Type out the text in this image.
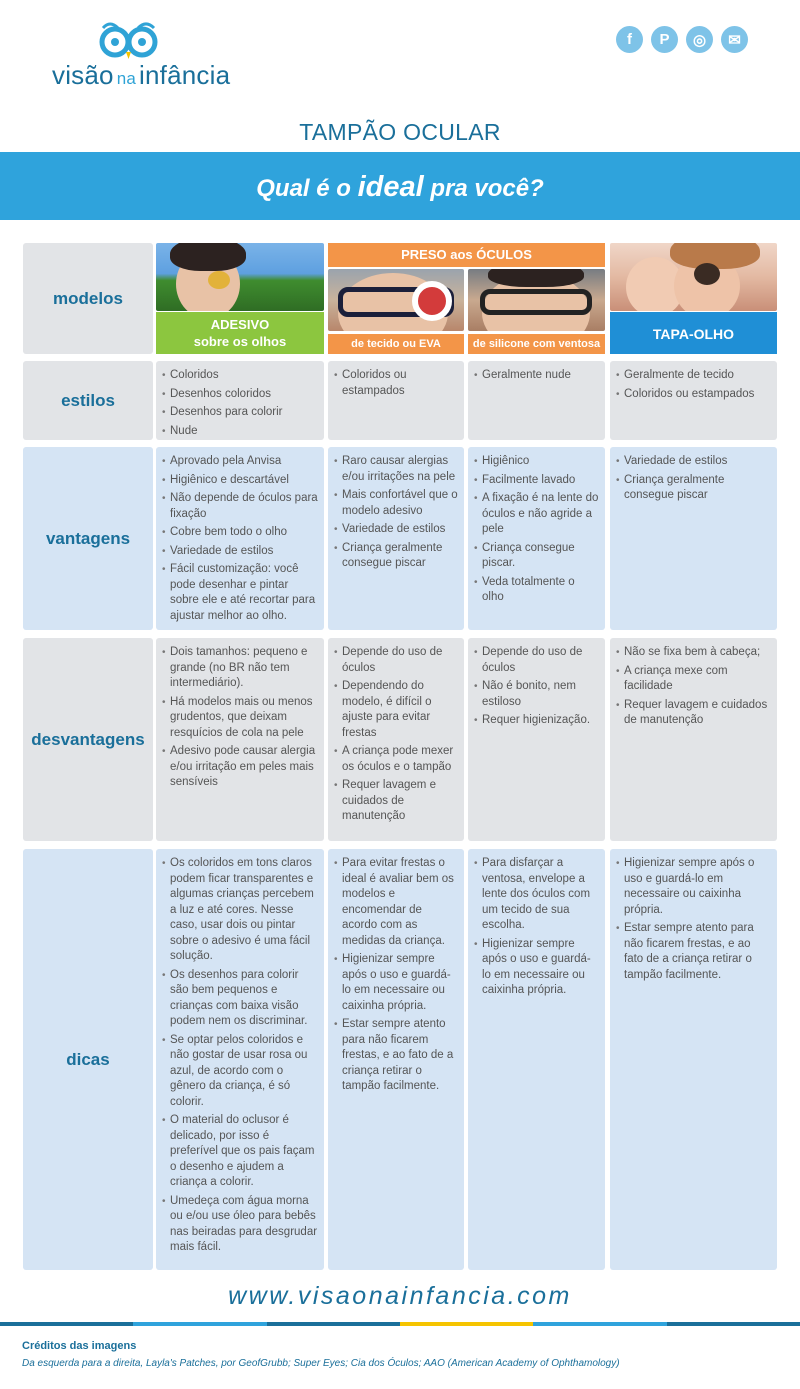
visão na infância
f	P	◎	✉
TAMPÃO OCULAR
Qual é o ideal pra você?
modelos
ADESIVO
sobre os olhos
PRESO aos ÓCULOS
de tecido ou EVA	de silicone com ventosa
TAPA-OLHO
estilos
• Coloridos
• Desenhos coloridos
• Desenhos para colorir
• Nude
• Coloridos ou estampados
• Geralmente nude
•	Geralmente de tecido
• Coloridos ou estampados
vantagens
• Aprovado pela Anvisa
• Higiênico e descartável
• Não depende de óculos para fixação
• Cobre bem todo o olho
• Variedade de estilos
• Fácil customização: você pode desenhar e pintar sobre ele e até recortar para ajustar melhor ao olho.
• Raro causar alergias e/ou irritações na pele
• Mais confortável que o modelo adesivo
• Variedade de estilos
• Criança geralmente consegue piscar
• Higiênico
• Facilmente lavado
• A fixação é na lente do óculos e não agride a pele
• Criança consegue piscar.
• Veda totalmente o olho
• Variedade de estilos
• Criança geralmente consegue piscar
desvantagens
• Dois tamanhos: pequeno e grande (no BR não tem intermediário).
• Há modelos mais ou menos grudentos, que deixam resquícios de cola na pele
• Adesivo pode causar alergia e/ou irritação em peles mais sensíveis
• Depende do uso de óculos
• Dependendo do modelo, é difícil o ajuste para evitar frestas
• A criança pode mexer os óculos e o tampão
• Requer lavagem e cuidados de manutenção
• Depende do uso de óculos
• Não é bonito, nem estiloso
• Requer higienização.
• Não se fixa bem à cabeça;
• A criança mexe com facilidade
• Requer lavagem e cuidados de manutenção
dicas
• Os coloridos em tons claros podem ficar transparentes e algumas crianças percebem a luz e até cores. Nesse caso, usar dois ou pintar sobre o adesivo é uma fácil solução.
• Os desenhos para colorir são bem pequenos e crianças com baixa visão podem nem os discriminar.
• Se optar pelos coloridos e não gostar de usar rosa ou azul, de acordo com o gênero da criança, é só colorir.
• O material do oclusor é delicado, por isso é preferível que os pais façam o desenho e ajudem a criança a colorir.
• Umedeça com água morna ou e/ou use óleo para bebês nas beiradas para desgrudar mais fácil.
• Para evitar frestas o ideal é avaliar bem os modelos e encomendar de acordo com as medidas da criança.
• Higienizar sempre após o uso e guardá-lo em necessaire ou caixinha própria.
• Estar sempre atento para não ficarem frestas, e ao fato de a criança retirar o tampão facilmente.
• Para disfarçar a ventosa, envelope a lente dos óculos com um tecido de sua escolha.
• Higienizar sempre após o uso e guardá-lo em necessaire ou caixinha própria.
• Higienizar sempre após o uso e guardá-lo em necessaire ou caixinha própria.
• Estar sempre atento para não ficarem frestas, e ao fato de a criança retirar o tampão facilmente.
www.visaonainfancia.com
Créditos das imagens
Da esquerda para a direita, Layla's Patches, por GeofGrubb; Super Eyes; Cia dos Óculos; AAO (American Academy of Ophthamology)
